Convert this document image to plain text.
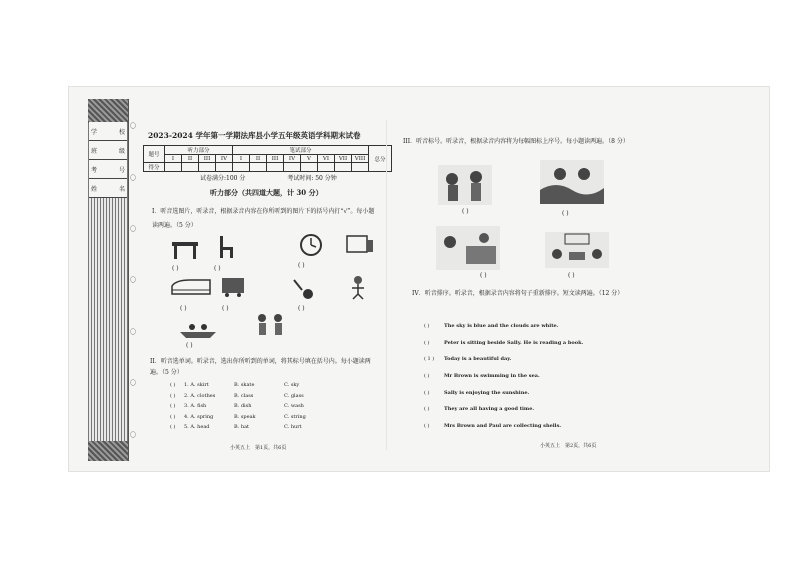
学	校
班	级
考	号
姓	名
〇
〇
〇
〇
〇
〇
〇
2023-2024 学年第一学期法库县小学五年级英语学科期末试卷
题号	听力部分				笔试部分								总分
	I	II	III	IV	I	II	III	IV	V	VI	VII	VIII	
得分													
试卷满分:100 分	考试时间: 50 分钟
听力部分（共四道大题，计 30 分）
I．听音选图片，听录音，根据录音内容在你所听到的图片下的括号内打“√”。每小题读两遍。（5 分）
( )	( )	( )
( )	( )	( )
( )
II．听音选单词。听录音，选出你所听到的单词，将其标号填在括号内。每小题读两遍。（5 分）
( )	1. A. skirt	B. skate	C. sky
( )	2. A. clothes	B. class	C. glass
( )	3. A. fish	B. dish	C. wash
( )	4. A. spring	B. speak	C. string
( )	5. A. head	B. hat	C. hurt
小英五上　第1页，共6页
III．听音标号。听录音，根据录音内容将为每幅图标上序号。每小题读两遍。（8 分）
( )	( )
( )	( )
IV．听音排序。听录音，根据录音内容将句子重新排序。短文读两遍。（12 分）
( )	The sky is blue and the clouds are white.
( )	Peter is sitting beside Sally. He is reading a book.
( 1 )	Today is a beautiful day.
( )	Mr Brown is swimming in the sea.
( )	Sally is enjoying the sunshine.
( )	They are all having a good time.
( )	Mrs Brown and Paul are collecting shells.
小英五上　第2页，共6页
